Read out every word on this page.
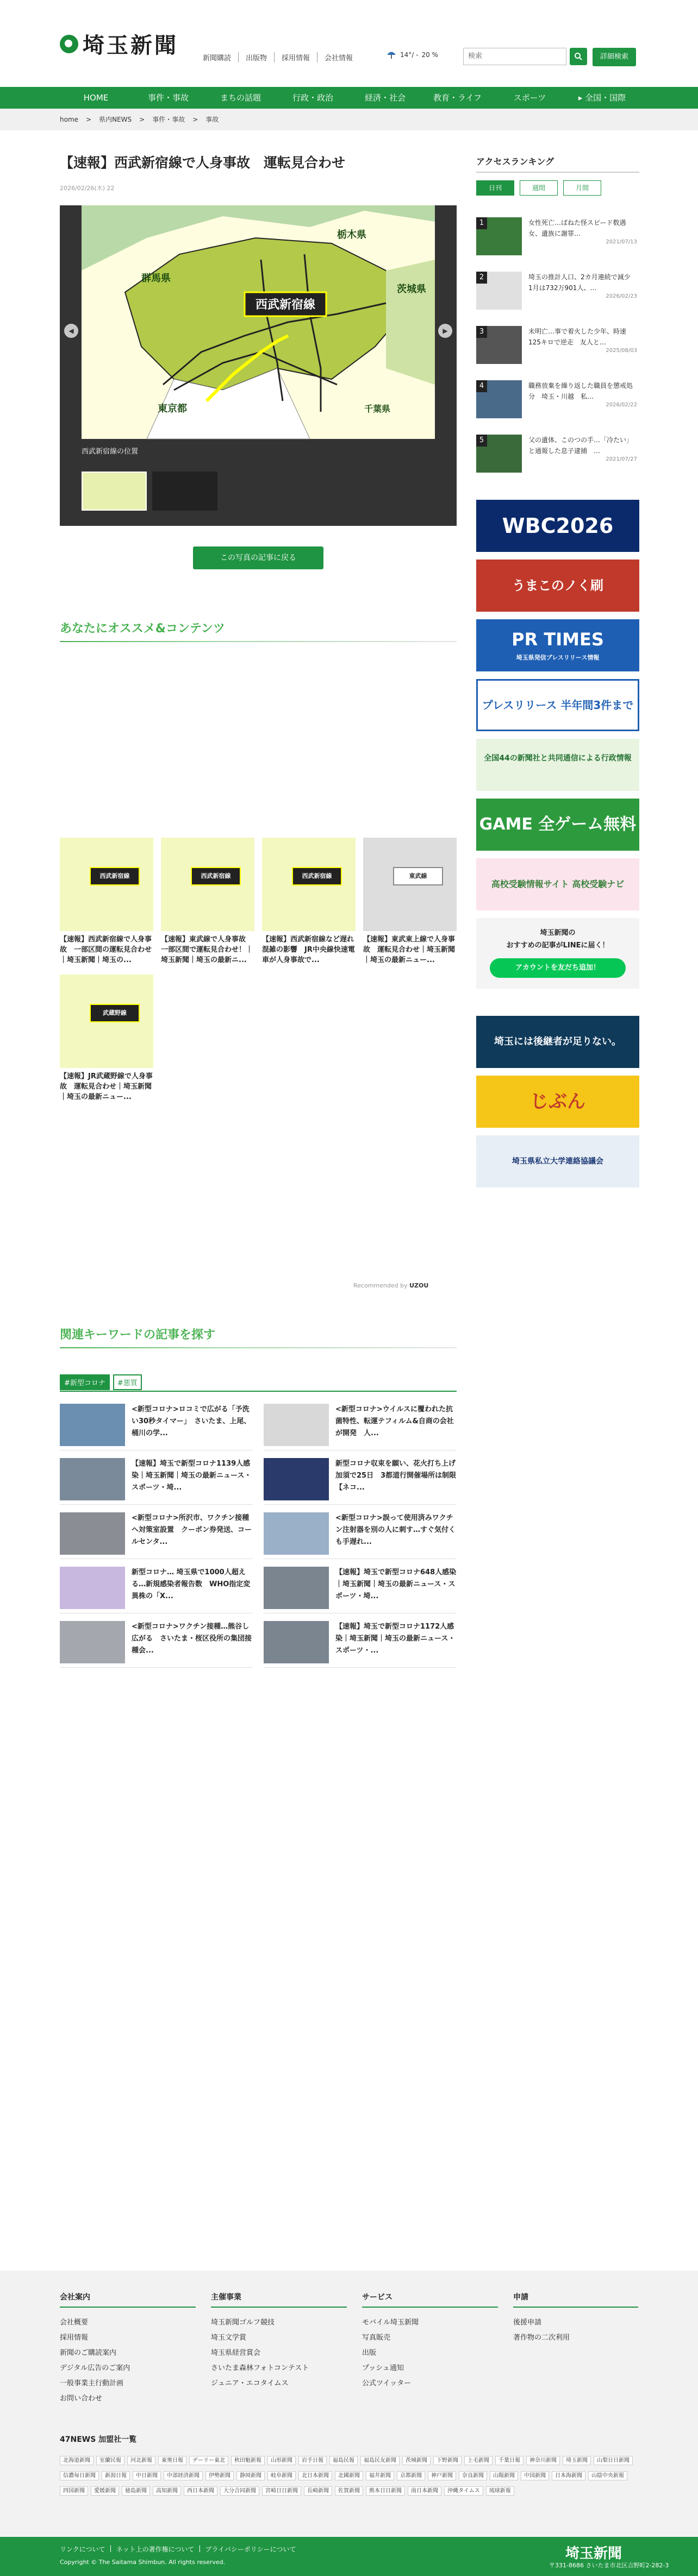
埼玉新聞
新聞購読	出版物	採用情報	会社情報	14°/ - 20 %	検索	詳細検索
HOME	事件・事故	まちの話題	行政・政治	経済・社会	教育・ライフ	スポーツ	▸ 全国・国際
home > 県内NEWS > 事件・事故 > 事故
【速報】西武新宿線で人身事故　運転見合わせ
2026/02/26(木) 22
西武新宿線
群馬県
栃木県
茨城県
東京都	千葉県
◀	▶
西武新宿線の位置
この写真の記事に戻る
あなたにオススメ&コンテンツ
西武新宿線
【速報】西武新宿線で人身事故　一部区間の運転見合わせ｜埼玉新聞｜埼玉の...
西武新宿線
【速報】東武線で人身事故　一部区間で運転見合わせ！｜埼玉新聞｜埼玉の最新ニ...
西武新宿線
【速報】西武新宿線など遅れ　混雑の影響　JR中央線快速電車が人身事故で...
東武線
【速報】東武東上線で人身事故　運転見合わせ｜埼玉新聞｜埼玉の最新ニュー...
武蔵野線
【速報】JR武蔵野線で人身事故　運転見合わせ｜埼玉新聞｜埼玉の最新ニュー...
Recommended by UZOU
関連キーワードの記事を探す
#新型コロナ	#悪質
<新型コロナ>ロコミで広がる「予洗い30秒タイマー」　さいたま、上尾、桶川の学...
<新型コロナ>ウイルスに覆われた抗菌特性、転運テフィルム&自商の会社が開発　人...
【速報】埼玉で新型コロナ1139人感染｜埼玉新聞｜埼玉の最新ニュース・スポーツ・埼...
新型コロナ収束を願い、花火打ち上げ　加須で25日　3都道行開催場所は制限【ネコ...
<新型コロナ>所沢市、ワクチン接種へ対策室設置　クーポン券発送、コールセンタ...
<新型コロナ>誤って使用済みワクチン注射器を別の人に刺す…すぐ気付くも手遅れ...
新型コロナ… 埼玉県で1000人超える…新規感染者報告数　WHO指定変異株の「X...
【速報】埼玉で新型コロナ648人感染｜埼玉新聞｜埼玉の最新ニュース・スポーツ・埼...
<新型コロナ>ワクチン接種…熊谷し広がる　さいたま・桜区役所の集団接種会...
【速報】埼玉で新型コロナ1172人感染｜埼玉新聞｜埼玉の最新ニュース・スポーツ・...
アクセスランキング
日刊	週間	月間
1	女性死亡…ばねた怪スピード数遇女、遺族に謝罪…
2021/07/13
2	埼玉の推計人口、2カ月連続で減少　1月は732万901人、…
2026/02/23
3	未明亡…事で着火した少年、時速125キロで逆走　友人と…
2025/08/03
4	職務放棄を繰り返した職員を懲戒処分　埼玉・川越　私…
2026/02/22
5	父の遺体、このつの手…「冷たい」と通報した息子逮捕　…
2021/07/27
WBC2026
うまこのノく刷
PR TIMES
埼玉県発信プレスリリース情報
プレスリリース 半年間3件まで
全国44の新聞社と共同通信による行政情報
GAME 全ゲーム無料
高校受験情報サイト 高校受験ナビ
埼玉新聞の
おすすめの記事がLINEに届く！
アカウントを友だち追加！
埼玉には後継者が足りない。
じぶん
埼玉県私立大学連絡協議会
会社案内
会社概要
採用情報
新聞のご購読案内
デジタル広告のご案内
一般事業主行動計画
お問い合わせ
主催事業
埼玉新聞ゴルフ競技
埼玉文学賞
埼玉県経営賞会
さいたま森林フォトコンテスト
ジュニア・エコタイムス
サービス
モバイル埼玉新聞
写真販売
出版
プッシュ通知
公式ツイッター
申請
後援申請
著作物の二次利用
47NEWS 加盟社一覧
北海道新聞 室蘭民報 河北新報 東奥日報 デーリー東北 秋田魁新報 山形新聞 岩手日報 福島民報 福島民友新聞 茨城新聞 下野新聞 上毛新聞 千葉日報 神奈川新聞 埼玉新聞 山梨日日新聞信濃毎日新聞 新潟日報 中日新聞 中部経済新聞 伊勢新聞 静岡新聞 岐阜新聞 北日本新聞 北國新聞 福井新聞 京都新聞 神戸新聞 奈良新聞 山陽新聞 中国新聞 日本海新聞 山陰中央新報四国新聞 愛媛新聞 徳島新聞 高知新聞 西日本新聞 大分合同新聞 宮崎日日新聞 長崎新聞 佐賀新聞 熊本日日新聞 南日本新聞 沖縄タイムス 琉球新報
リンクについて | ネット上の著作権について | プライバシーポリシーについて
Copyright © The Saitama Shimbun. All rights reserved.
埼玉新聞
〒331-8686 さいたま市北区吉野町2-282-3
